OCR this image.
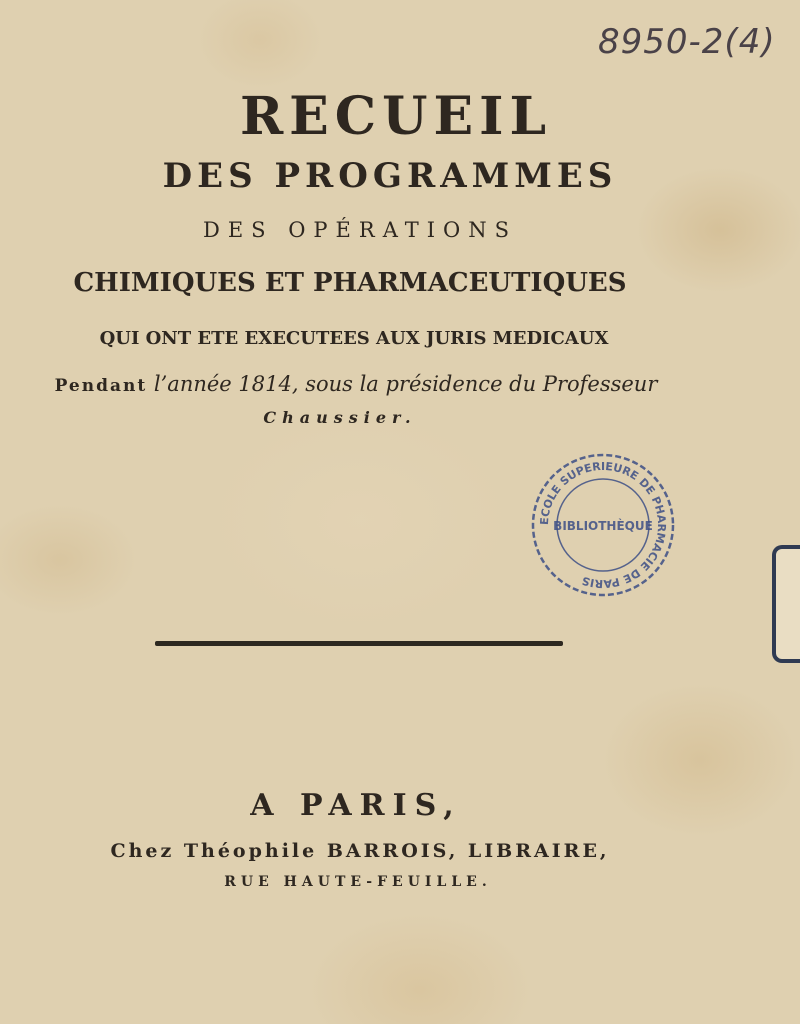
8950-2(4)
RECUEIL
DES PROGRAMMES
DES OPÉRATIONS
CHIMIQUES ET PHARMACEUTIQUES
QUI ONT ETE EXECUTEES AUX JURIS MEDICAUX
Pendant l’année 1814, sous la présidence du Professeur
Chaussier.
ECOLE SUPERIEURE DE PHARMACIE DE PARIS
BIBLIOTHÈQUE
A PARIS,
Chez Théophile BARROIS, LIBRAIRE,
RUE HAUTE-FEUILLE.
